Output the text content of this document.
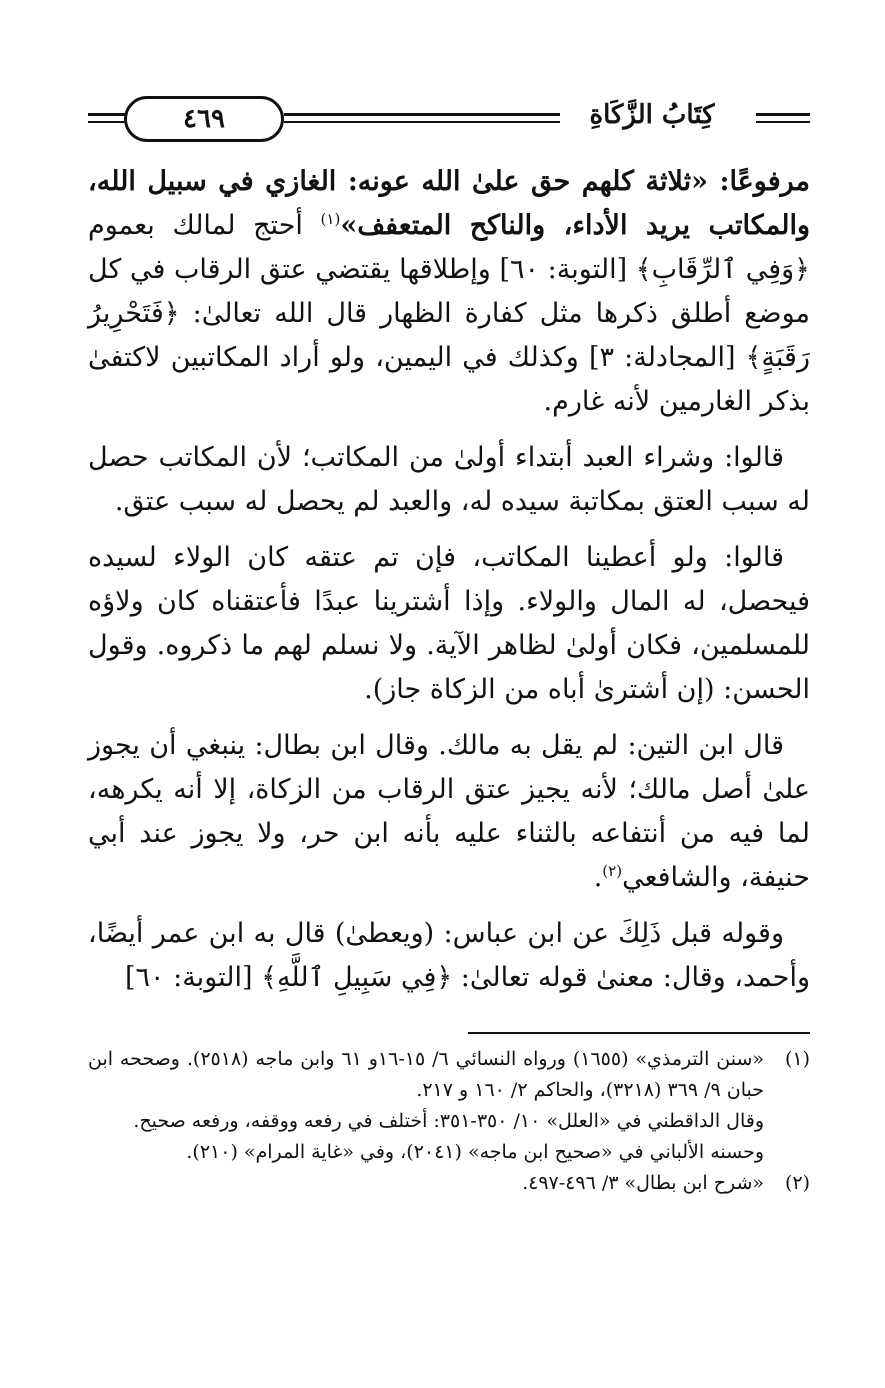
٤٦٩	كِتَابُ الزَّكَاةِ

مرفوعًا: «ثلاثة كلهم حق علىٰ الله عونه: الغازي في سبيل الله، والمكاتب يريد الأداء، والناكح المتعفف»$^{(١)}$ أحتج لمالك بعموم ﴿وَفِي ٱلرِّقَابِ﴾ [التوبة: ٦٠] وإطلاقها يقتضي عتق الرقاب في كل موضع أطلق ذكرها مثل كفارة الظهار قال الله تعالىٰ: ﴿فَتَحْرِيرُ رَقَبَةٍ﴾ [المجادلة: ٣] وكذلك في اليمين، ولو أراد المكاتبين لاكتفىٰ بذكر الغارمين لأنه غارم.

قالوا: وشراء العبد أبتداء أولىٰ من المكاتب؛ لأن المكاتب حصل له سبب العتق بمكاتبة سيده له، والعبد لم يحصل له سبب عتق.

قالوا: ولو أعطينا المكاتب، فإن تم عتقه كان الولاء لسيده فيحصل، له المال والولاء. وإذا أشترينا عبدًا فأعتقناه كان ولاؤه للمسلمين، فكان أولىٰ لظاهر الآية. ولا نسلم لهم ما ذكروه. وقول الحسن: (إن أشترىٰ أباه من الزكاة جاز).

قال ابن التين: لم يقل به مالك. وقال ابن بطال: ينبغي أن يجوز علىٰ أصل مالك؛ لأنه يجيز عتق الرقاب من الزكاة، إلا أنه يكرهه، لما فيه من أنتفاعه بالثناء عليه بأنه ابن حر، ولا يجوز عند أبي حنيفة، والشافعي$^{(٢)}$.

وقوله قبل ذَلِكَ عن ابن عباس: (ويعطىٰ) قال به ابن عمر أيضًا، وأحمد، وقال: معنىٰ قوله تعالىٰ: ﴿فِي سَبِيلِ ٱللَّهِ﴾ [التوبة: ٦٠]

(١)
«سنن الترمذي» (١٦٥٥) ورواه النسائي ٦/ ١٥-١٦و ٦١ وابن ماجه (٢٥١٨). وصححه ابن حبان ٩/ ٣٦٩ (٣٢١٨)، والحاكم ٢/ ١٦٠ و ٢١٧.
وقال الداقطني في «العلل» ١٠/ ٣٥٠-٣٥١: أختلف في رفعه ووقفه، ورفعه صحيح.
وحسنه الألباني في «صحيح ابن ماجه» (٢٠٤١)، وفي «غاية المرام» (٢١٠).
(٢)
«شرح ابن بطال» ٣/ ٤٩٦-٤٩٧.
